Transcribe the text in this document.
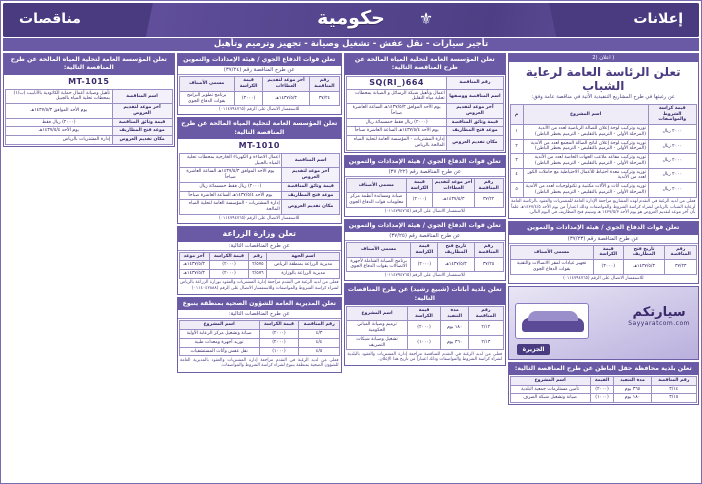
حكومية	إعلانات
مناقصات	⚜
تأجير سيارات - نقل عفش - تشغيل وصيانة - تجهيز وترميم وتأهيل
( اعلان (2
تعلن الرئاسة العامة لرعاية الشباب
عن رغبتها في طرح المشاريع التنفيذية الآتية في مناقصة عامة وفق:
قيمة كراسة الشروط والمواصفات	اسم المشروع	م
٢٠٠٠ ريال	توريد وتركيب لوحة إعلان للصالة الرياضية لعدد من الأندية (المرحلة الأولى - الترميم بالتقليص - الترميم بخطر الباطن)	١
٢٠٠٠ ريال	توريد وتركيب لوحة إعلان لناتج الصالة المجمع لعدد من الأندية (المرحلة الأولى - الترميم بالتقليص - الترميم بخطر الباطن)	٢
٢٠٠٠ ريال	توريد وتركيب مقاعد ملاعب الجهات الخاصة لعدد من الأندية (المرحلة الأولى - الترميم بالتقليص - الترميم بخطر الباطن)	٣
٢٠٠٠ ريال	توريد وتركيب معدة احتياط للأعمال الاحتياطية مع حاملات الكور لعدد من الأندية	٤
٢٠٠٠ ريال	توريد وتركيب أثاث و الآلات مكتبية و تكنولوجيات لعدد من الأندية (المرحلة الأولى - الترميم بالتقليص - الترميم بخطر الباطن)	٥
فعلى من لديه الرغبة في التقدم لهذه المشاريع مراجعة الإدارة العامة للمشتريات والعقود بالرئاسة العامة لرعاية الشباب بالرياض لشراء كراسة الشروط والمواصفات وذلك اعتباراً من يوم الأحد ١٤٣٧/٤/٥هـ علماً بأن آخر موعد لتقديم العروض هو يوم الأحد ١٤٣٧/٥/٣ هـ وسيتم فتح المظاريف في اليوم التالي.
تعلن قوات الدفاع الجوي / هيئة الإمدادات والتموين
عن طرح المناقصة رقم (٣٧/٢٣)
رقم المناقصة	تاريخ فتح المظاريف	قيمة الكراسة	مسمى الأصناف
٣٧/٢٣	١٤٣٧/٥/٣هـ	(٣٠٠٠)	تجهيز عيادات لمقر الاتصالات والتقنية بقوات الدفاع الجوي
للاستفسار الاتصال على الرقم (٠١١٤٧٩٤٧٦٥)
سيارتكم
Sayyaratcom.com
الجزيرة
تعلن بلدية محافظة حقل الباطن عن طرح المناقصة التالية:
رقم المناقصة	مدة التنفيذ	القيمة	اسم المشروع
٣/١٤	٣٦٥ يوم	(٢٠٠٠)	تأمين مستلزمات جمعية البلدية
٣/١٥	١٨٠ يوم	(١٠٠٠)	صيانة وتشغيل شبكة الصرف
تعلن المؤسسة العامة لتحلية المياه المالحة عن طرح المناقصة التالية:
رقم المناقصة	SQ(RI_)664
اسم المناقصة ووصفها	اعمال وتأهيل شبكة الرسائل و الصيانة بمحطات تحلية مياه التقليل
آخر موعد لتقديم العروض	يوم الأحد الموافق ١٤٣٧/٥/٣هـ الساعة العاشرة صباحاً
قيمة وثائق المناقصة	(٢٠٠٠) ريال فقط خمسمائة ريال
موعد فتح المظاريف	يوم الأحد ١٤٣٧/٥/٤هـ الساعة العاشرة صباحاً
مكان تقديم العروض	إدارة المشتريات - المؤسسة العامة لتحلية المياه المالحة بالرياض
تعلن قوات الدفاع الجوي / هيئة الإمدادات والتموين
عن طرح المناقصة رقم (٢٢/ ٣٧)
رقم المناقصة	أخر موعد لتقديم العطاءات	قيمة الكراسة	مسمى الأصناف
٣٧/٢٢	١٤٣٧/٥/٣هـ	(٢٠٠٠)	صيانة ومساندة أنظمة مركز معلومات قوات الدفاع الجوي
للاستفسار الاتصال على الرقم (٠١١٤٧٩٤٧٦٥)
تعلن قوات الدفاع الجوي / هيئة الإمدادات والتموين
عن طرح المناقصة رقم (٣٧/٢٥)
رقم المناقصة	تاريخ فتح المظاريف	قيمة الكراسة	مسمى الأصناف
٣٧/٢٥	١٤٣٧/٥/٣هـ	(٢٠٠٠)	برنامج الصيانة الشاملة لأجهزة الاتصالات بقوات الدفاع الجوي
للاستفسار الاتصال على الرقم (٠١١٤٧٩٤٧٦٥)
تعلن بلدية أبانات (شبيع رشيد) عن طرح المناقصات التالية:
رقم المناقصة	مدة التنفيذ	قيمة الكراسة	اسم المشروع
٢/١٢	١٨٠ يوم	(٢٠٠٠)	ترميم وصيانة المباني الحكومية
٢/١٣	٣٦٠ يوم	(١٠٠٠)	تشغيل وصيانة شبكات التصريف
فعلى من لديه الرغبة في التقدم للمناقصة مراجعة إدارة المشتريات والعقود بالبلدية لشراء كراسة الشروط والمواصفات وذلك اعتباراً من تاريخ هذا الإعلان.
تعلن قوات الدفاع الجوي / هيئة الإمدادات والتموين
عن طرح المناقصة رقم (٣٧/٢٤)
رقم المناقصة	أخر موعد لتقديم العطاءات	قيمة الكراسة	مسمى الأصناف
٣٧/٢٤	١٤٣٧/٥/٣هـ	(٣٠٠٠)	برنامج تطوير البرامج بقوات الدفاع الجوي
للاستفسار الاتصال على الرقم (٠١١٤٧٩٤٧٦٥)
تعلن المؤسسة العامة لتحلية المياه المالحة عن طرح المناقصة التالية:
MT-1010
اسم المناقصة	اعمال الاضاءة و الكهرباء الخارجية بمحطات تحلية المياه بالجبيل
آخر موعد لتقديم العروض	يوم الأحد الموافق ١٤٣٧/٥/٣هـ الساعة العاشرة صباحاً
قيمة وثائق المناقصة	(٢٠٠٠) ريال فقط خمسمائة ريال
موعد فتح المظاريف	يوم الأحد ١٤٣٧/٥/٤هـ الساعة العاشرة صباحاً
مكان تقديم العروض	إدارة المشتريات - المؤسسة العامة لتحلية المياه المالحة
للاستفسار الاتصال على الرقم (٠١١٤٧٩٤٧٦٥)
تعلن وزارة الزراعة
عن طرح المناقصات التالية:
اسم الجهة	رقم	قيمة الكراسة	آخر موعد
مديرية الزراعة بمنطقة الرياض	٢/٥٧٥	(٢٠٠٠)	١٤٣٧/٥/٣هـ
مديرية الزراعة بالوزارة	٢/٥٧٦	(٢٠٠٠)	١٤٣٧/٥/٣هـ
فعلى من لديه الرغبة في التقدم مراجعة إدارة المشتريات والعقود بوزارة الزراعة بالرياض لشراء كراسة الشروط والمواصفات وللاستفسار الاتصال على الرقم (٠١١٤٠٤٢٨٨٨)
تعلن المديرية العامة للشؤون الصحية بمنطقة ينبوع
عن طرح المناقصات التالية:
رقم المناقصة	قيمة الكراسة	اسم المشروع
٤/٣	(٢٠٠٠)	صيانة وتشغيل مركز الرعاية الأولية
٤/٤	(٢٠٠٠)	توريد أجهزة ومعدات طبية
٤/٥	(١٠٠٠)	نقل عفش وأثاث المستشفيات
فعلى من لديه الرغبة في التقدم مراجعة إدارة المشتريات والعقود بالمديرية العامة للشؤون الصحية بمنطقة ينبوع لشراء كراسة الشروط والمواصفات.
تعلن المؤسسة العامة لتحلية المياه المالحة عن طرح المناقصة التالية:
MT-1015
اسم المناقصة	تأهيل وصيانة أعمال حماية الكاثودية بالأنابيب (ب/١) بمحطات تحلية المياه بالجبيل
آخر موعد لتقديم العروض	يوم الأحد الموافق ١٤٣٧/٥/٣هـ
قيمة وثائق المناقصة	(٢٠٠٠) ريال فقط
موعد فتح المظاريف	يوم الأحد ١٤٣٧/٥/٤هـ
مكان تقديم العروض	إدارة المشتريات بالرياض
